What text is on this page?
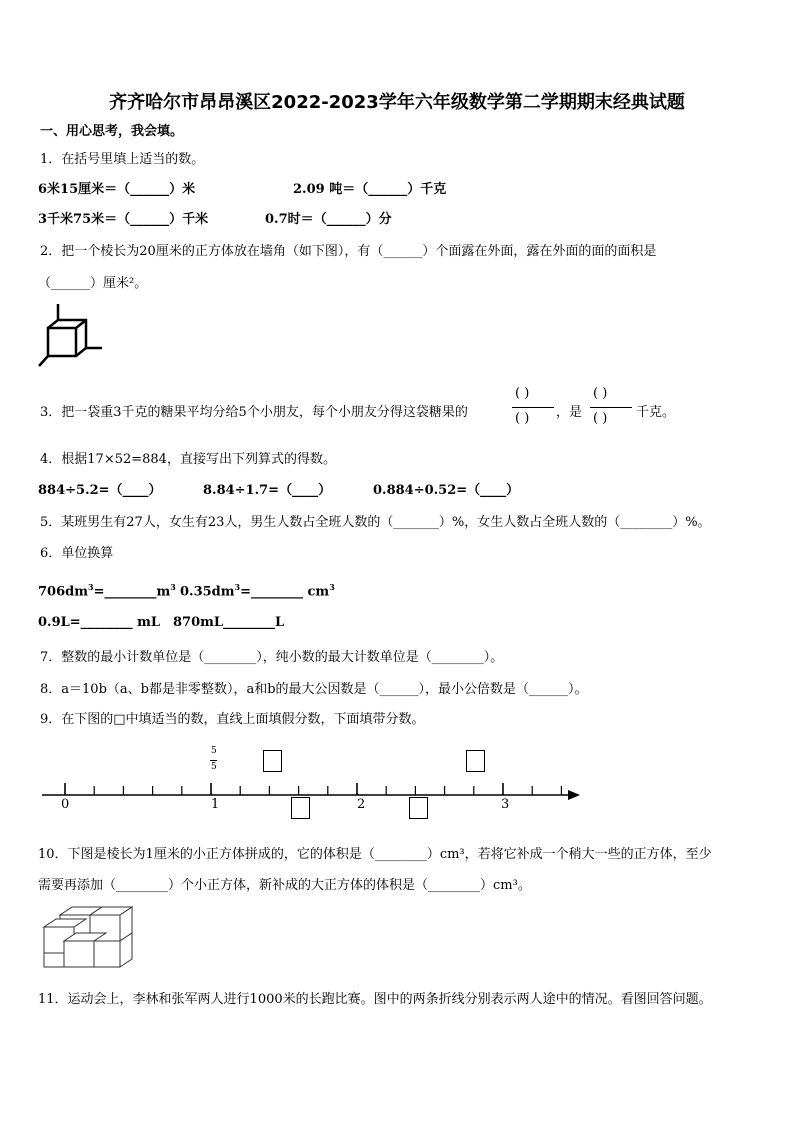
齐齐哈尔市昂昂溪区2022-2023学年六年级数学第二学期期末经典试题
一、用心思考，我会填。
1．在括号里填上适当的数。
6米15厘米＝（______）米	2.09 吨＝（______）千克
3千米75米＝（______）千米	0.7时＝（______）分
2．把一个棱长为20厘米的正方体放在墙角（如下图），有（______）个面露在外面，露在外面的面的面积是
（______）厘米²。
3．把一袋重3千克的糖果平均分给5个小朋友，每个小朋友分得这袋糖果的
( )
( ) ，是
( )
( ) 千克。
4．根据17×52=884，直接写出下列算式的得数。
884÷5.2=（____）	8.84÷1.7=（____）	0.884÷0.52=（____）
5．某班男生有27人，女生有23人，男生人数占全班人数的（_______）%，女生人数占全班人数的（________）%。
6．单位换算
$706dm^3=\_\_\_\_\_\_\_\_m^3$ $0.35dm^3=\_\_\_\_\_\_\_\_$ $cm^3$
0.9L=________ mL 870mL________L
7．整数的最小计数单位是（________），纯小数的最大计数单位是（________）。
8．a＝10b（a、b都是非零整数），a和b的最大公因数是（______），最小公倍数是（______）。
9．在下图的□中填适当的数，直线上面填假分数，下面填带分数。
5
5
0	1	2	3
10．下图是棱长为1厘米的小正方体拼成的，它的体积是（________）cm³，若将它补成一个稍大一些的正方体，至少
需要再添加（________）个小正方体，新补成的大正方体的体积是（________）cm³。
11．运动会上，李林和张军两人进行1000米的长跑比赛。图中的两条折线分别表示两人途中的情况。看图回答问题。
